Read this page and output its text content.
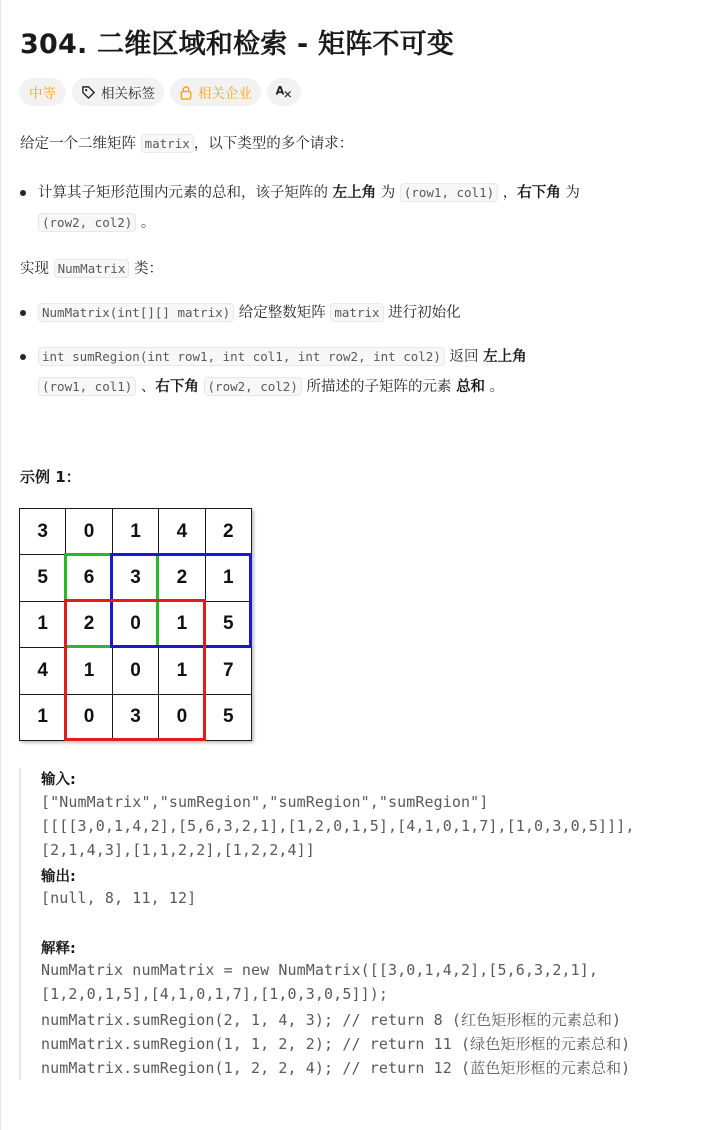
304. 二维区域和检索 - 矩阵不可变
中等	相关标签	相关企业 A
给定一个二维矩阵 matrix ，以下类型的多个请求：
计算其子矩形范围内元素的总和，该子矩阵的 左上角 为 (row1, col1) ，右下角 为
(row2, col2) 。
实现 NumMatrix 类：
NumMatrix(int[][] matrix) 给定整数矩阵 matrix 进行初始化
int sumRegion(int row1, int col1, int row2, int col2) 返回 左上角
(row1, col1) 、右下角 (row2, col2) 所描述的子矩阵的元素 总和 。
示例 1：
3	0	1	4	2
5	6	3	2	1
1	2	0	1	5
4	1	0	1	7
1	0	3	0	5
输入:
["NumMatrix","sumRegion","sumRegion","sumRegion"]
[[[[3,0,1,4,2],[5,6,3,2,1],[1,2,0,1,5],[4,1,0,1,7],[1,0,3,0,5]]],
[2,1,4,3],[1,1,2,2],[1,2,2,4]]
输出:
[null, 8, 11, 12]
解释:
NumMatrix numMatrix = new NumMatrix([[3,0,1,4,2],[5,6,3,2,1],
[1,2,0,1,5],[4,1,0,1,7],[1,0,3,0,5]]);
numMatrix.sumRegion(2, 1, 4, 3); // return 8 (红色矩形框的元素总和)
numMatrix.sumRegion(1, 1, 2, 2); // return 11 (绿色矩形框的元素总和)
numMatrix.sumRegion(1, 2, 2, 4); // return 12 (蓝色矩形框的元素总和)
